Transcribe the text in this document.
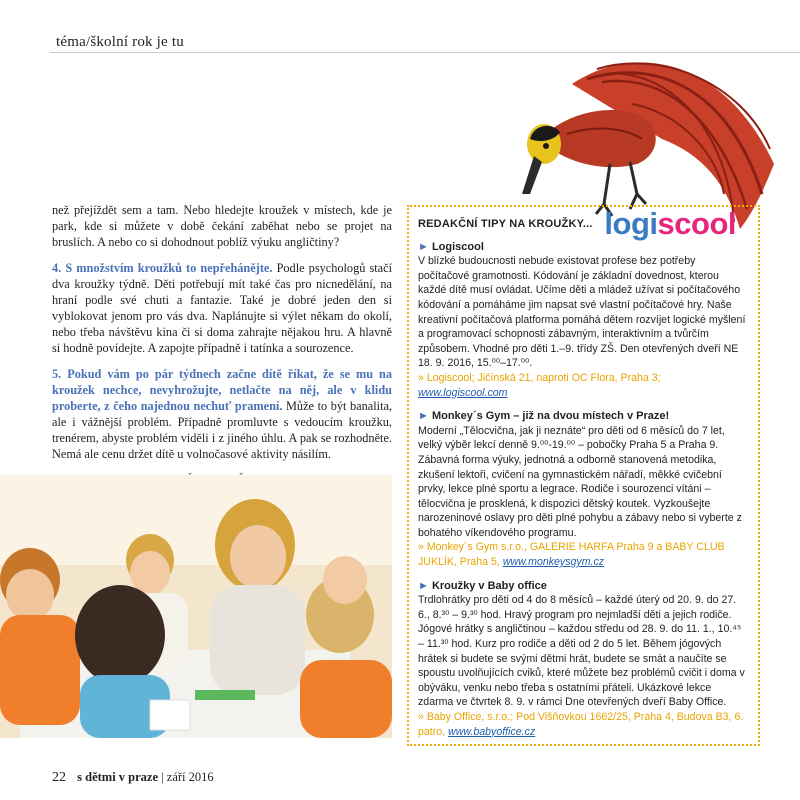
téma/školní rok je tu

než přejíždět sem a tam. Nebo hledejte kroužek v místech, kde je park, kde si můžete v době čekání zaběhat nebo se projet na bruslích. A nebo co si dohodnout poblíž výuku angličtiny?

4. S množstvím kroužků to nepřehánějte. Podle psychologů stačí dva kroužky týdně. Děti potřebují mít také čas pro nicnedělání, na hraní podle své chuti a fantazie. Také je dobré jeden den si vyblokovat jenom pro vás dva. Naplánujte si výlet někam do okolí, nebo třeba návštěvu kina či si doma zahrajte nějakou hru. A hlavně si hodně povídejte. A zapojte případně i tatínka a sourozence.

5. Pokud vám po pár týdnech začne dítě říkat, že se mu na kroužek nechce, nevyhrožujte, netlačte na něj, ale v klidu proberte, z čeho najednou nechuť pramení. Může to být banalita, ale i vážnější problém. Případně promluvte s vedoucím kroužku, trenérem, abyste problém viděli i z jiného úhlu. A pak se rozhodněte. Nemá ale cenu držet dítě u volnočasové aktivity násilím.

REDAKČNÍ TIPY NA KROUŽKY... logiscool
► Logiscool

V blízké budoucnosti nebude existovat profese bez potřeby počítačové gramotnosti. Kódování je základní dovednost, kterou každé dítě musí ovládat. Učíme děti a mládež užívat si počítačového kódování a pomáháme jim napsat své vlastní počítačové hry. Naše kreativní počítačová platforma pomáhá dětem rozvíjet logické myšlení a programovací schopnosti zábavným, interaktivním a tvůrčím způsobem. Vhodné pro děti 1.–9. třídy ZŠ. Den otevřených dveří NE 18. 9. 2016, 15.⁰⁰–17.⁰⁰.

» Logiscool; Jičínská 21, naproti OC Flora, Praha 3; www.logiscool.com

► Monkey´s Gym – již na dvou místech v Praze!

Moderní „Tělocvična, jak ji neznáte“ pro děti od 6 měsíců do 7 let, velký výběr lekcí denně 9.⁰⁰-19.⁰⁰ – pobočky Praha 5 a Praha 9. Zábavná forma výuky, jednotná a odborně stanovená metodika, zkušení lektoři, cvičení na gymnastickém nářadí, měkké cvičební prvky, lekce plné sportu a legrace. Rodiče i sourozenci vítáni – tělocvična je prosklená, k dispozici dětský koutek. Vyzkoušejte narozeninové oslavy pro děti plné pohybu a zábavy nebo si vyberte z bohatého víkendového programu.

» Monkey´s Gym s.r.o., GALERIE HARFA Praha 9 a BABY CLUB JUKLÍK, Praha 5, www.monkeysgym.cz

► Kroužky v Baby office

Trdlohrátky pro děti od 4 do 8 měsíců – každé úterý od 20. 9. do 27. 6., 8.³⁰ – 9.³⁰ hod. Hravý program pro nejmladší děti a jejich rodiče. Jógové hrátky s angličtinou – každou středu od 28. 9. do 11. 1., 10.⁴⁵ – 11.³⁰ hod. Kurz pro rodiče a děti od 2 do 5 let. Během jógových hrátek si budete se svými dětmi hrát, budete se smát a naučíte se spoustu uvolňujících cviků, které můžete bez problémů cvičit i doma v obýváku, venku nebo třeba s ostatními přáteli. Ukázkové lekce zdarma ve čtvrtek 8. 9. v rámci Dne otevřených dveří Baby Office.

» Baby Office, s.r.o.; Pod Višňovkou 1662/25, Praha 4, Budova B3, 6. patro, www.babyoffice.cz

22 s dětmi v praze | září 2016
